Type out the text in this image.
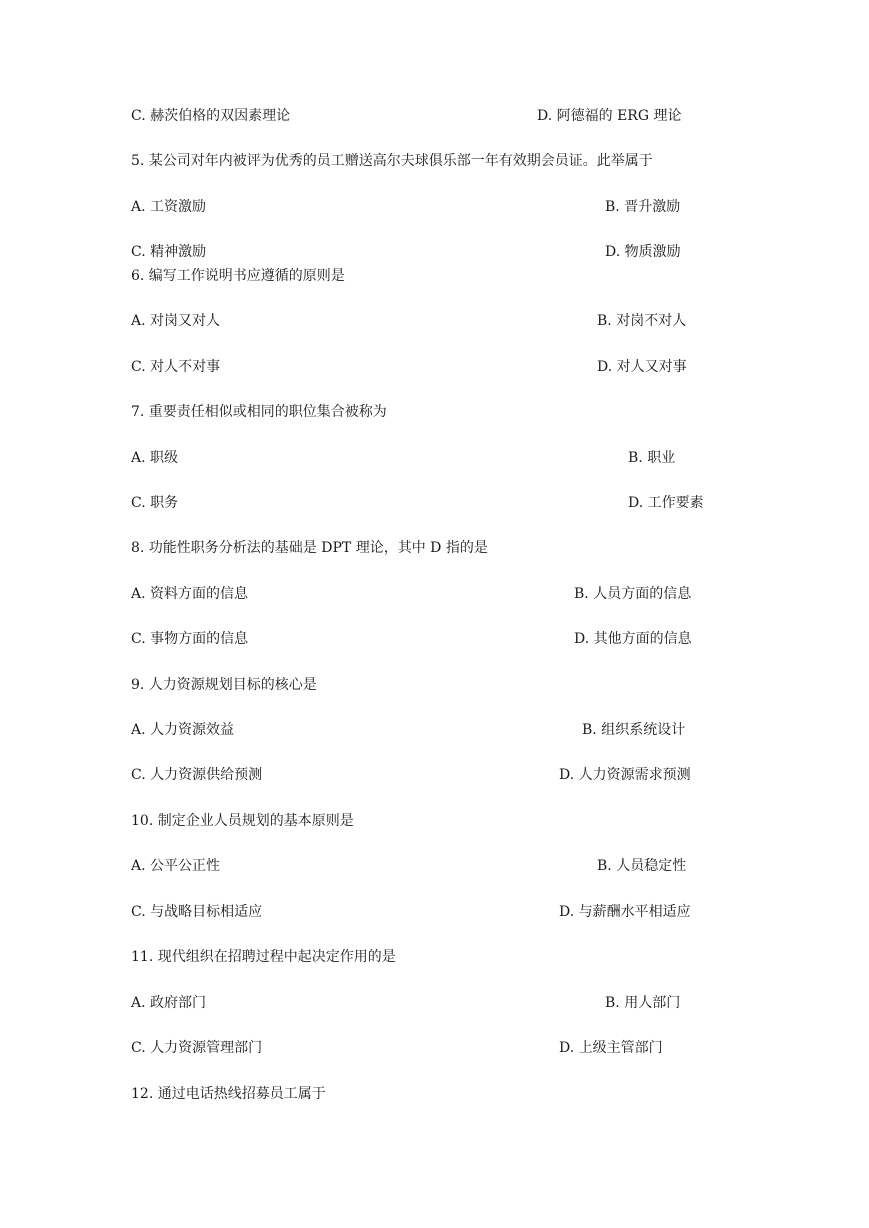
C. 赫茨伯格的双因素理论	D. 阿德福的 ERG 理论
5. 某公司对年内被评为优秀的员工赠送高尔夫球俱乐部一年有效期会员证。此举属于
A. 工资激励	B. 晋升激励
C. 精神激励	D. 物质激励
6. 编写工作说明书应遵循的原则是
A. 对岗又对人	B. 对岗不对人
C. 对人不对事	D. 对人又对事
7. 重要责任相似或相同的职位集合被称为
A. 职级	B. 职业
C. 职务	D. 工作要素
8. 功能性职务分析法的基础是 DPT 理论，其中 D 指的是
A. 资料方面的信息	B. 人员方面的信息
C. 事物方面的信息	D. 其他方面的信息
9. 人力资源规划目标的核心是
A. 人力资源效益	B. 组织系统设计
C. 人力资源供给预测	D. 人力资源需求预测
10. 制定企业人员规划的基本原则是
A. 公平公正性	B. 人员稳定性
C. 与战略目标相适应	D. 与薪酬水平相适应
11. 现代组织在招聘过程中起决定作用的是
A. 政府部门	B. 用人部门
C. 人力资源管理部门	D. 上级主管部门
12. 通过电话热线招募员工属于
